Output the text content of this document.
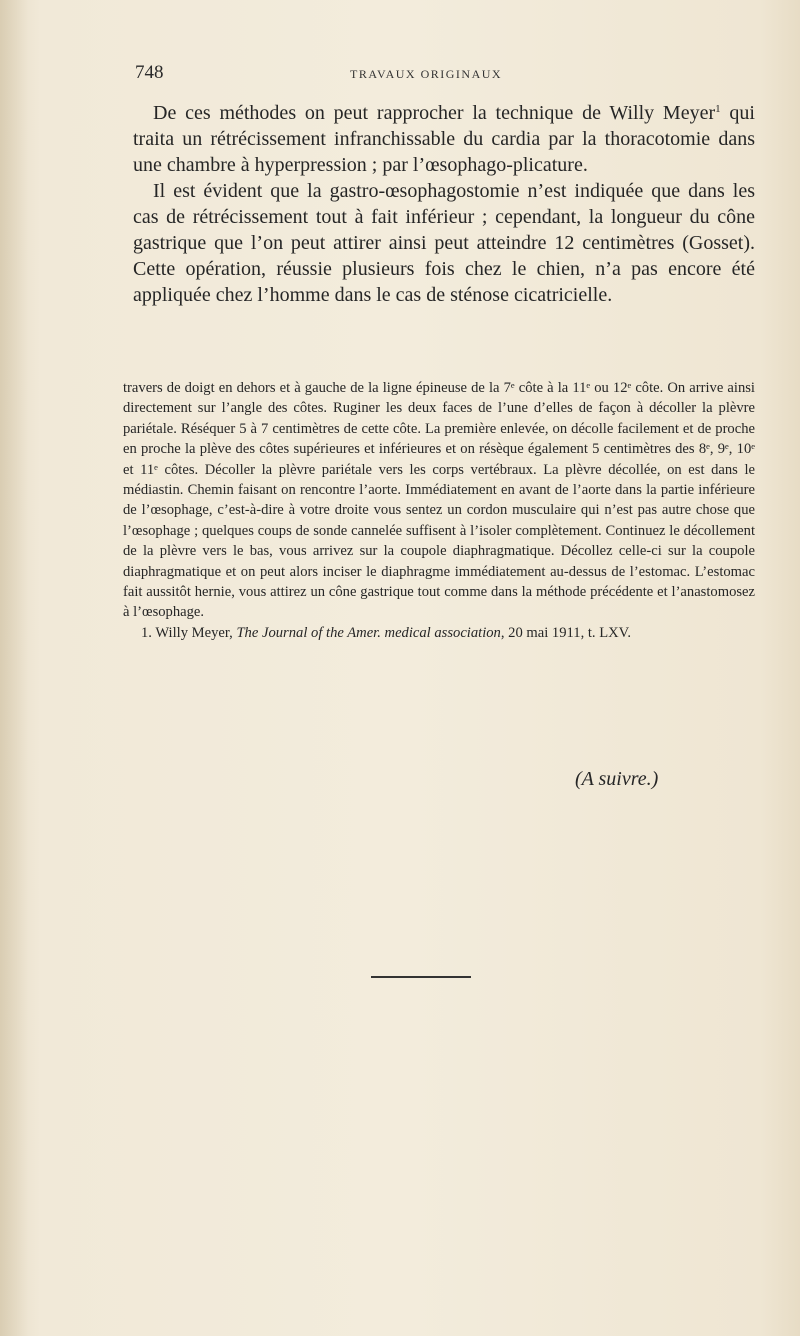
748	TRAVAUX ORIGINAUX

De ces méthodes on peut rapprocher la technique de Willy Meyer$^1$ qui traita un rétrécissement infranchissable du cardia par la thoracotomie dans une chambre à hyperpression ; par l’œsophago-plicature.

Il est évident que la gastro-œsophagostomie n’est indiquée que dans les cas de rétrécissement tout à fait inférieur ; cependant, la longueur du cône gastrique que l’on peut attirer ainsi peut atteindre 12 centimètres (Gosset). Cette opération, réussie plusieurs fois chez le chien, n’a pas encore été appliquée chez l’homme dans le cas de sténose cicatricielle.

travers de doigt en dehors et à gauche de la ligne épineuse de la 7ᵉ côte à la 11ᵉ ou 12ᵉ côte. On arrive ainsi directement sur l’angle des côtes. Ruginer les deux faces de l’une d’elles de façon à décoller la plèvre pariétale. Réséquer 5 à 7 centimètres de cette côte. La première enlevée, on décolle facilement et de proche en proche la plève des côtes supérieures et inférieures et on résèque également 5 centimètres des 8ᵉ, 9ᵉ, 10ᵉ et 11ᵉ côtes. Décoller la plèvre pariétale vers les corps vertébraux. La plèvre décollée, on est dans le médiastin. Chemin faisant on rencontre l’aorte. Immédiatement en avant de l’aorte dans la partie inférieure de l’œsophage, c’est-à-dire à votre droite vous sentez un cordon musculaire qui n’est pas autre chose que l’œsophage ; quelques coups de sonde cannelée suffisent à l’isoler complètement. Continuez le décollement de la plèvre vers le bas, vous arrivez sur la coupole diaphragmatique. Décollez celle-ci sur la coupole diaphragmatique et on peut alors inciser le diaphragme immédiatement au-dessus de l’estomac. L’estomac fait aussitôt hernie, vous attirez un cône gastrique tout comme dans la méthode précédente et l’anastomosez à l’œsophage.

1. Willy Meyer, The Journal of the Amer. medical association, 20 mai 1911, t. LXV.

(A suivre.)
